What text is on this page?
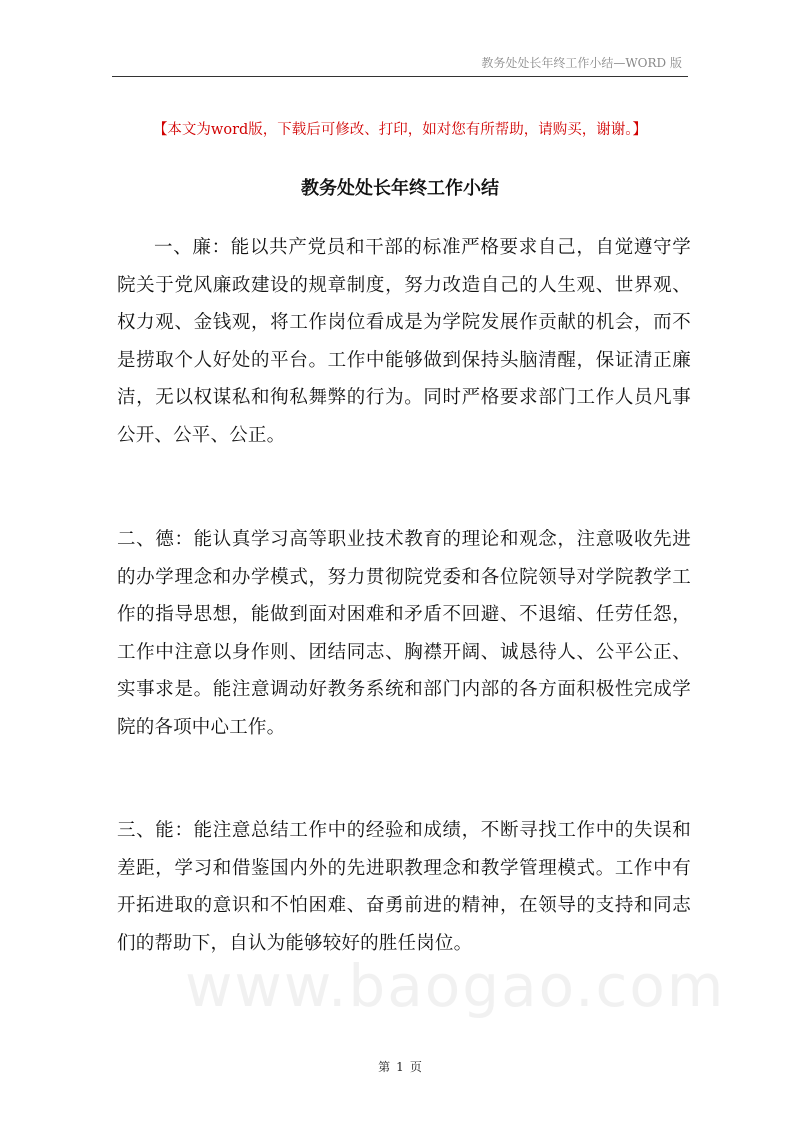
教务处处长年终工作小结—WORD 版
【本文为word版，下载后可修改、打印，如对您有所帮助，请购买，谢谢。】
教务处处长年终工作小结
一、廉：能以共产党员和干部的标准严格要求自己，自觉遵守学院关于党风廉政建设的规章制度，努力改造自己的人生观、世界观、权力观、金钱观，将工作岗位看成是为学院发展作贡献的机会，而不是捞取个人好处的平台。工作中能够做到保持头脑清醒，保证清正廉洁，无以权谋私和徇私舞弊的行为。同时严格要求部门工作人员凡事公开、公平、公正。
二、德：能认真学习高等职业技术教育的理论和观念，注意吸收先进的办学理念和办学模式，努力贯彻院党委和各位院领导对学院教学工作的指导思想，能做到面对困难和矛盾不回避、不退缩、任劳任怨，工作中注意以身作则、团结同志、胸襟开阔、诚恳待人、公平公正、实事求是。能注意调动好教务系统和部门内部的各方面积极性完成学院的各项中心工作。
三、能：能注意总结工作中的经验和成绩，不断寻找工作中的失误和差距，学习和借鉴国内外的先进职教理念和教学管理模式。工作中有开拓进取的意识和不怕困难、奋勇前进的精神，在领导的支持和同志们的帮助下，自认为能够较好的胜任岗位。
www.baogao.com
第 1 页
